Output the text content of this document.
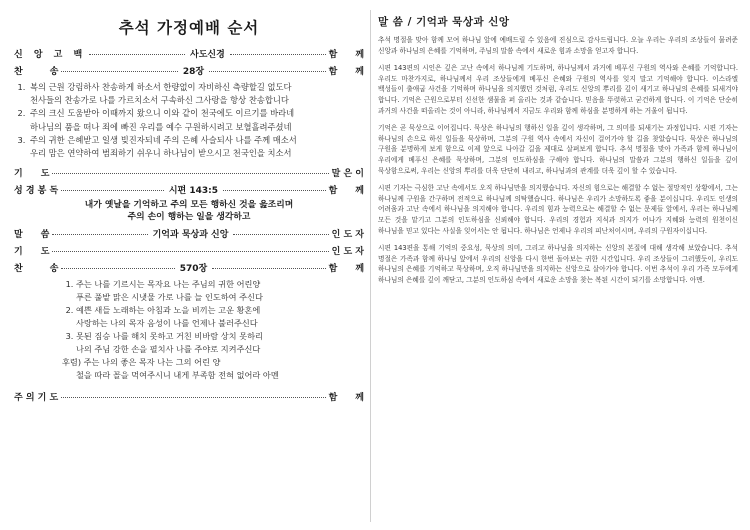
추석 가정예배 순서
신 앙 고 백	사도신경	함　　께
찬　　　송	28장	함　　께
1. 복의 근원 강림하사 찬송하게 하소서 한량없이 자비하신 측량할길 없도다
천사들의 찬송가로 나를 가르치소서 구속하신 그사랑을 항상 찬송합니다
2. 주의 크신 도움받아 이때까지 왔으니 이와 같이 천국에도 이르기를 바라네
하나님의 품을 떠나 죄에 빠진 우리를 예수 구원하시려고 보혈흘려주셨네
3. 주의 귀한 은혜받고 일생 빚진자되네 주의 은혜 사슬되사 나를 주께 매소서
우리 맘은 연약하여 범죄하기 쉬우니 하나님이 받으시고 천국인을 치소서
기　　도	말 은 이
성 경 봉 독	시편 143:5	함　　께
내가 옛날을 기억하고 주의 모든 행하신 것을 읊조리며
주의 손이 행하는 일을 생각하고
말　　씀	기억과 묵상과 신앙	인 도 자
기　　도	인 도 자
찬　　　송	570장	함　　께
1. 주는 나를 기르시는 목자요 나는 주님의 귀한 어린양
푸른 풀밭 맑은 시냇물 가로 나를 늘 인도하여 주신다
2. 예쁜 새들 노래하는 아침과 노을 비끼는 고운 황혼에
사랑하는 나의 목자 음성이 나를 언제나 불러주신다
3. 못된 짐승 나를 해치 못하고 거친 비바람 상치 못하리
나의 주님 강한 손을 펼치사 나를 주야로 지켜주신다
후렴) 주는 나의 좋은 목자 나는 그의 어린 양
철을 따라 꼴을 먹여주시니 내게 부족함 전혀 없어라 아멘
주 의 기 도	함　　께
말 씀 / 기억과 묵상과 신앙

추석 명절을 맞아 함께 모여 하나님 앞에 예배드릴 수 있음에 진심으로 감사드립니다. 오늘 우리는 우리의 조상들이 물려준 신앙과 하나님의 은혜를 기억하며, 주님의 말씀 속에서 새로운 힘과 소망을 얻고자 합니다.

시편 143편의 시인은 깊은 고난 속에서 하나님께 기도하며, 하나님께서 과거에 베푸신 구원의 역사와 은혜를 기억합니다. 우리도 마찬가지로, 하나님께서 우리 조상들에게 베푸신 은혜와 구원의 역사를 잊지 말고 기억해야 합니다. 이스라엘 백성들이 출애굽 사건을 기억하며 하나님을 의지했던 것처럼, 우리도 신앙의 뿌리를 깊이 새기고 하나님의 은혜를 되새겨야 합니다. 기억은 근원으로부터 신선한 샘물을 퍼 올리는 것과 같습니다. 믿음을 뚜렷하고 굳건하게 합니다. 이 기억은 단순히 과거의 사건을 떠올리는 것이 아니라, 하나님께서 지금도 우리와 함께 하심을 분명하게 하는 거울이 됩니다.

기억은 곧 묵상으로 이어집니다. 묵상은 하나님의 행하신 일을 깊이 생각하며, 그 의미를 되새기는 과정입니다. 시편 기자는 하나님의 손으로 하신 일들을 묵상하며, 그분의 구원 역사 속에서 자신이 걸어가야 할 길을 찾았습니다. 묵상은 하나님의 구원을 분명하게 보게 함으로 이제 앞으로 나아갈 길을 제대로 살펴보게 합니다. 추석 명절을 맞아 가족과 함께 하나님이 우리에게 베푸신 은혜를 묵상하며, 그분의 인도하심을 구해야 합니다. 하나님의 말씀과 그분의 행하신 일들을 깊이 묵상함으로써, 우리는 신앙의 뿌리를 더욱 단단히 내리고, 하나님과의 관계를 더욱 깊이 할 수 있습니다.

시편 기자는 극심한 고난 속에서도 오직 하나님만을 의지했습니다. 자신의 힘으로는 해결할 수 없는 절망적인 상황에서, 그는 하나님께 구원을 간구하며 전적으로 하나님께 의탁했습니다. 하나님은 우리가 소망하도록 좋을 분이십니다. 우리도 인생의 어려움과 고난 속에서 하나님을 의지해야 합니다. 우리의 힘과 능력으로는 해결할 수 없는 문제들 앞에서, 우리는 하나님께 모든 것을 맡기고 그분의 인도하심을 신뢰해야 합니다. 우리의 경험과 지식과 의지가 어나가 지혜와 능력의 원천이신 하나님을 믿고 있다는 사실을 잊어서는 안 됩니다. 하나님은 언제나 우리의 피난처이시며, 우리의 구원자이십니다.

시편 143편을 통해 기억의 중요성, 묵상의 의미, 그리고 하나님을 의지하는 신앙의 본질에 대해 생각해 보았습니다. 추석 명절은 가족과 함께 하나님 앞에서 우리의 신앙을 다시 한번 돌아보는 귀한 시간입니다. 우리 조상들이 그러했듯이, 우리도 하나님의 은혜를 기억하고 묵상하며, 오직 하나님만을 의지하는 신앙으로 살아가야 합니다. 이번 추석이 우리 가족 모두에게 하나님의 은혜를 깊이 깨닫고, 그분의 인도하심 속에서 새로운 소망을 찾는 복된 시간이 되기를 소망합니다. 아멘.
